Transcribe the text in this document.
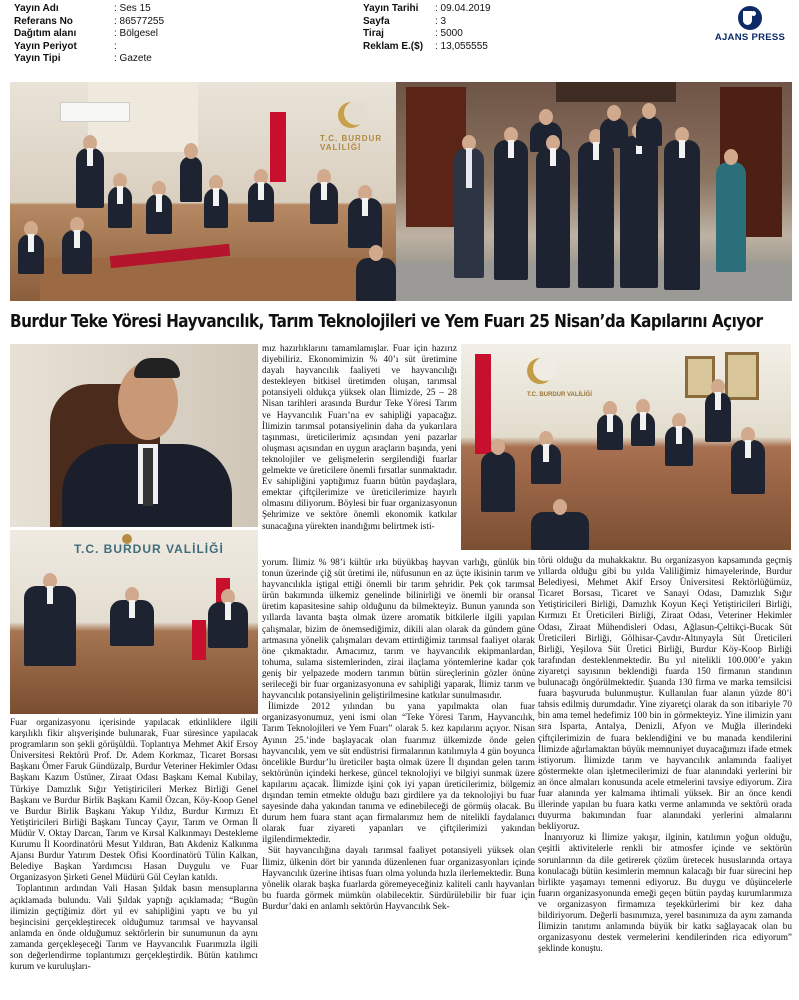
Yayın Adı	: Ses 15
Referans No	: 86577255
Dağıtım alanı	: Bölgesel
Yayın Periyot	:
Yayın Tipi	: Gazete
Yayın Tarihi	: 09.04.2019
Sayfa	: 3
Tiraj	: 5000
Reklam E.($)	: 13,055555
AJANS PRESS
T.C. BURDUR VALİLİĞİ
Burdur Teke Yöresi Hayvancılık, Tarım Teknolojileri ve Yem Fuarı 25 Nisan’da Kapılarını Açıyor
T.C. BURDUR VALİLİĞİ
T.C. BURDUR VALİLİĞİ

Fuar organizasyonu içerisinde yapılacak etkinliklere ilgili karşılıklı fikir alışverişinde bulunarak, Fuar süresince yapılacak programların son şekli görüşüldü. Toplantıya Mehmet Akif Ersoy Üniversitesi Rektörü Prof. Dr. Adem Korkmaz, Ticaret Borsası Başkanı Ömer Faruk Gündüzalp, Burdur Veteriner Hekimler Odası Başkanı Kazım Üstüner, Ziraat Odası Başkanı Kemal Kubilay, Türkiye Damızlık Sığır Yetiştiricileri Merkez Birliği Genel Başkanı ve Burdur Birlik Başkanı Kamil Özcan, Köy-Koop Genel ve Burdur Birlik Başkanı Yakup Yıldız, Burdur Kırmızı Et Yetiştiricileri Birliği Başkanı Tuncay Çayır, Tarım ve Orman İl Müdür V. Oktay Darcan, Tarım ve Kırsal Kalkınmayı Destekleme Kurumu İl Koordinatörü Mesut Yıldıran, Batı Akdeniz Kalkınma Ajansı Burdur Yatırım Destek Ofisi Koordinatörü Tülin Kalkan, Belediye Başkan Yardımcısı Hasan Duygulu ve Fuar Organizasyon Şirketi Genel Müdürü Gül Ceylan katıldı.

Toplantının ardından Vali Hasan Şıldak basın mensuplarına açıklamada bulundu. Vali Şıldak yaptığı açıklamada; “Bugün ilimizin geçtiğimiz dört yıl ev sahipliğini yaptı ve bu yıl beşincisini gerçekleştirecek olduğumuz tarımsal ve hayvansal anlamda en önde olduğumuz sektörlerin bir sunumunun da aynı zamanda gerçekleşeceği Tarım ve Hayvancılık Fuarımızla ilgili son değerlendirme toplantımızı gerçekleştirdik. Bütün katılımcı kurum ve kuruluşları-

mız hazırlıklarını tamamlamışlar. Fuar için hazırız diyebiliriz. Ekonomimizin % 40’ı süt üretimine dayalı hayvancılık faaliyeti ve hayvancılığı destekleyen bitkisel üretimden oluşan, tarımsal potansiyeli oldukça yüksek olan İlimizde, 25 – 28 Nisan tarihleri arasında Burdur Teke Yöresi Tarım ve Hayvancılık Fuarı’na ev sahipliği yapacağız. İlimizin tarımsal potansiyelinin daha da yukarılara taşınması, üreticilerimiz açısından yeni pazarlar oluşması açısından en uygun araçların başında, yeni teknolojiler ve gelişmelerin sergilendiği fuarlar gelmekte ve üreticilere önemli fırsatlar sunmaktadır. Ev sahipliğini yaptığımız fuarın bütün paydaşlara, emektar çiftçilerimize ve üreticilerimize hayırlı olmasını diliyorum. Böylesi bir fuar organizasyonun Şehrimize ve sektöre önemli ekonomik katkılar sunacağına yürekten inandığımı belirtmek isti-

yorum. İlimiz % 98’i kültür ırkı büyükbaş hayvan varlığı, günlük bin tonun üzerinde çiğ süt üretimi ile, nüfusunun en az üçte ikisinin tarım ve hayvancılıkla iştigal ettiği önemli bir tarım şehridir. Pek çok tarımsal ürün bakımında ülkemiz genelinde bilinirliği ve önemli bir oransal üretim kapasitesine sahip olduğunu da bilmekteyiz. Bunun yanında son yıllarda lavanta başta olmak üzere aromatik bitkilerle ilgili yapılan çalışmalar, bizim de önemsediğimiz, dikili alan olarak da gündem güne artmasına yönelik çalışmaları devam ettirdiğimiz tarımsal faaliyet olarak öne çıkmaktadır. Amacımız, tarım ve hayvancılık ekipmanlardan, tohuma, sulama sistemlerinden, zirai ilaçlama yöntemlerine kadar çok geniş bir yelpazede modern tarımın bütün süreçlerinin gözler önüne serileceği bir fuar organizasyonuna ev sahipliği yaparak, İlimiz tarım ve hayvancılık potansiyelinin geliştirilmesine katkılar sunulmasıdır.

İlimizde 2012 yılından bu yana yapılmakta olan fuar organizasyonumuz, yeni ismi olan “Teke Yöresi Tarım, Hayvancılık, Tarım Teknolojileri ve Yem Fuarı” olarak 5. kez kapılarını açıyor. Nisan Ayının 25.’inde başlayacak olan fuarımız ülkemizde önde gelen hayvancılık, yem ve süt endüstrisi firmalarının katılımıyla 4 gün boyunca öncelikle Burdur’lu üreticiler başta olmak üzere İl dışından gelen tarım sektörünün içindeki herkese, güncel teknolojiyi ve bilgiyi sunmak üzere kapılarını açacak. İlimizde işini çok iyi yapan üreticilerimiz, bölgemiz dışından temin etmekte olduğu bazı girdilere ya da teknolojiyi bu fuar sayesinde daha yakından tanıma ve edinebileceği de görmüş olacak. Bu durum hem fuara stant açan firmalarımız hem de nitelikli faydalanıcı olarak fuar ziyareti yapanları ve çiftçilerimizi yakından ilgilendirmektedir.

Süt hayvancılığına dayalı tarımsal faaliyet potansiyeli yüksek olan İlimiz, ülkenin dört bir yanında düzenlenen fuar organizasyonları içinde Hayvancılık üzerine ihtisas fuarı olma yolunda hızla ilerlemektedir. Buna yönelik olarak başka fuarlarda göremeyeceğiniz kaliteli canlı hayvanları bu fuarda görmek mümkün olabilecektir. Sürdürülebilir bir fuar için Burdur’daki en anlamlı sektörün Hayvancılık Sek-

törü olduğu da muhakkaktır. Bu organizasyon kapsamında geçmiş yıllarda olduğu gibi bu yılda Valiliğimiz himayelerinde, Burdur Belediyesi, Mehmet Akif Ersoy Üniversitesi Rektörlüğümüz, Ticaret Borsası, Ticaret ve Sanayi Odası, Damızlık Sığır Yetiştiricileri Birliği, Damızlık Koyun Keçi Yetiştiricileri Birliği, Kırmızı Et Üreticileri Birliği, Ziraat Odası, Veteriner Hekimler Odası, Ziraat Mühendisleri Odası, Ağlasun-Çeltikçi-Bucak Süt Üreticileri Birliği, Gölhisar-Çavdır-Altınyayla Süt Üreticileri Birliği, Yeşilova Süt Üretici Birliği, Burdur Köy-Koop Birliği tarafından desteklenmektedir. Bu yıl nitelikli 100.000’e yakın ziyaretçi sayısının beklendiği fuarda 150 firmanın standının bulunacağı öngörülmektedir. Şuanda 130 firma ve marka temsilcisi fuara başvuruda bulunmuştur. Kullanılan fuar alanın yüzde 80’i tahsis edilmiş durumdadır. Yine ziyaretçi olarak da son itibariyle 70 bin ama temel hedefimiz 100 bin in görmekteyiz. Yine ilimizin yanı sıra Isparta, Antalya, Denizli, Afyon ve Muğla illerindeki çiftçilerimizin de fuara beklendiğini ve bu manada kendilerini İlimizde ağırlamaktan büyük memnuniyet duyacağımızı ifade etmek istiyorum. İlimizde tarım ve hayvancılık anlamında faaliyet göstermekte olan işletmecilerimizi de fuar alanındaki yerlerini bir an önce almaları konusunda acele etmelerini tavsiye ediyorum. Zira fuar alanında yer kalmama ihtimali yüksek. Bir an önce kendi illerinde yapılan bu fuara katkı verme anlamında ve sektörü orada duyurma bakımından fuar alanındaki yerlerini almalarını bekliyoruz.

İnanıyoruz ki İlimize yakışır, ilginin, katılımın yoğun olduğu, çeşitli aktivitelerle renkli bir atmosfer içinde ve sektörün sorunlarının da dile getirerek çözüm üretecek hususlarında ortaya konulacağı bütün kesimlerin memnun kalacağı bir fuar sürecini hep birlikte yaşamayı temenni ediyoruz. Bu duygu ve düşüncelerle fuarın organizasyonunda emeği geçen bütün paydaş kurumlarımıza ve organizasyon firmamıza teşekkürlerimi bir kez daha bildiriyorum. Değerli basınımıza, yerel basınımıza da aynı zamanda İlimizin tanıtımı anlamında büyük bir katkı sağlayacak olan bu organizasyonu destek vermelerini kendilerinden rica ediyorum” şeklinde konuştu.
